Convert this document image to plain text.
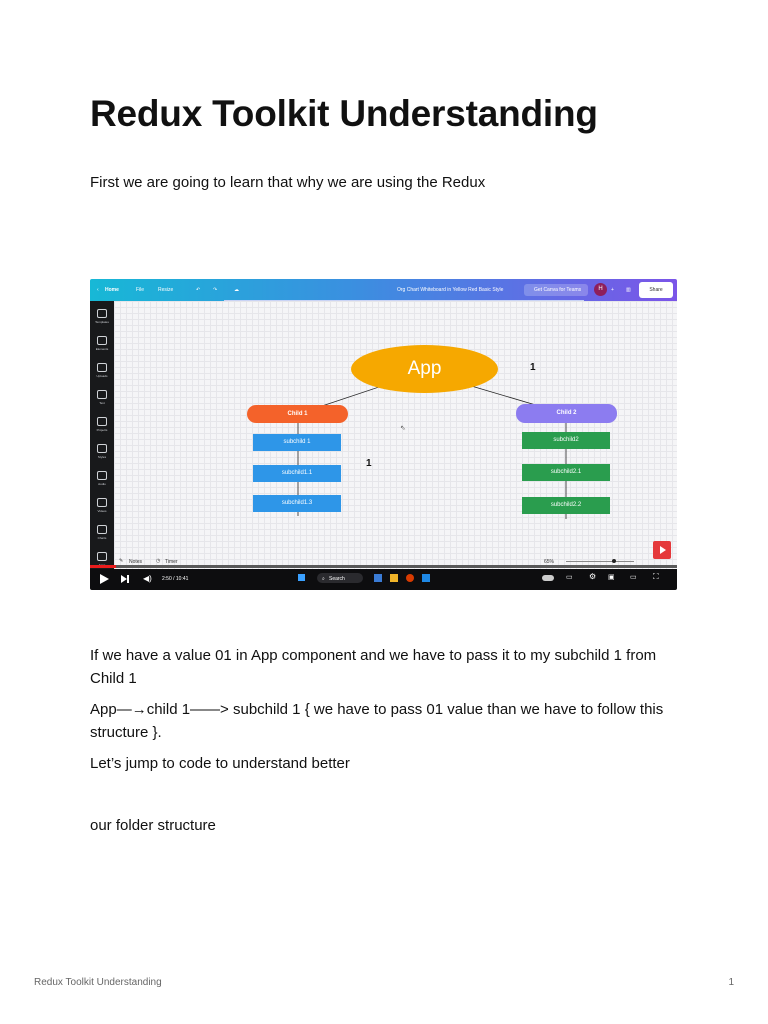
Redux Toolkit Understanding

First we are going to learn that why we are using the Redux

‹ Home	File	Resize	↶	↷	☁	Org Chart Whiteboard in Yellow Red Basic Style	Get Canva for Teams	H	+ ▥	Share
Templates
Elements
Uploads
Text
Projects
Styles
Audio
Videos
Charts
App	1
Child 1	Child 2
1
subchild 1
subchild1.1
subchild1.3
subchild2
subchild2.1
subchild2.2
⇖
✎ Notes	◷ Timer	65%
◀) 2:50 / 10:41	⌕ Search	▭ ⚙ ▣ ▭ ⛶

If we have a value 01 in App component and we have to pass it to my subchild 1 from Child 1

App—→child 1——> subchild 1 { we have to pass 01 value than we have to follow this structure }.

Let’s jump to code to understand better

our folder structure

Redux Toolkit Understanding	1
